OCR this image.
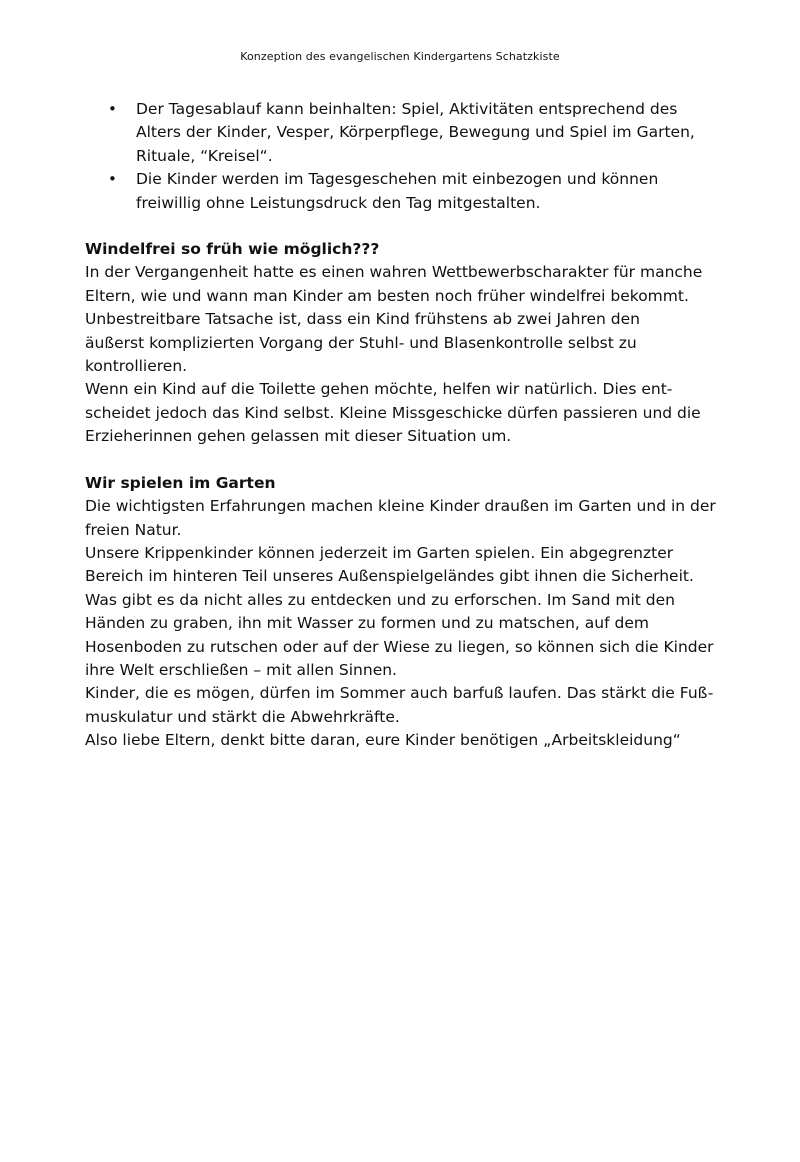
Konzeption des evangelischen Kindergartens Schatzkiste
• Der Tagesablauf kann beinhalten: Spiel, Aktivitäten entsprechend des
Alters der Kinder, Vesper, Körperpflege, Bewegung und Spiel im Garten,
Rituale, “Kreisel“.
• Die Kinder werden im Tagesgeschehen mit einbezogen und können
freiwillig ohne Leistungsdruck den Tag mitgestalten.
Windelfrei so früh wie möglich???
In der Vergangenheit hatte es einen wahren Wettbewerbscharakter für manche
Eltern, wie und wann man Kinder am besten noch früher windelfrei bekommt.
Unbestreitbare Tatsache ist, dass ein Kind frühstens ab zwei Jahren den
äußerst komplizierten Vorgang der Stuhl- und Blasenkontrolle selbst zu
kontrollieren.
Wenn ein Kind auf die Toilette gehen möchte, helfen wir natürlich. Dies ent-
scheidet jedoch das Kind selbst. Kleine Missgeschicke dürfen passieren und die
Erzieherinnen gehen gelassen mit dieser Situation um.
Wir spielen im Garten
Die wichtigsten Erfahrungen machen kleine Kinder draußen im Garten und in der
freien Natur.
Unsere Krippenkinder können jederzeit im Garten spielen. Ein abgegrenzter
Bereich im hinteren Teil unseres Außenspielgeländes gibt ihnen die Sicherheit.
Was gibt es da nicht alles zu entdecken und zu erforschen. Im Sand mit den
Händen zu graben, ihn mit Wasser zu formen und zu matschen, auf dem
Hosenboden zu rutschen oder auf der Wiese zu liegen, so können sich die Kinder
ihre Welt erschließen – mit allen Sinnen.
Kinder, die es mögen, dürfen im Sommer auch barfuß laufen. Das stärkt die Fuß-
muskulatur und stärkt die Abwehrkräfte.
Also liebe Eltern, denkt bitte daran, eure Kinder benötigen „Arbeitskleidung“
